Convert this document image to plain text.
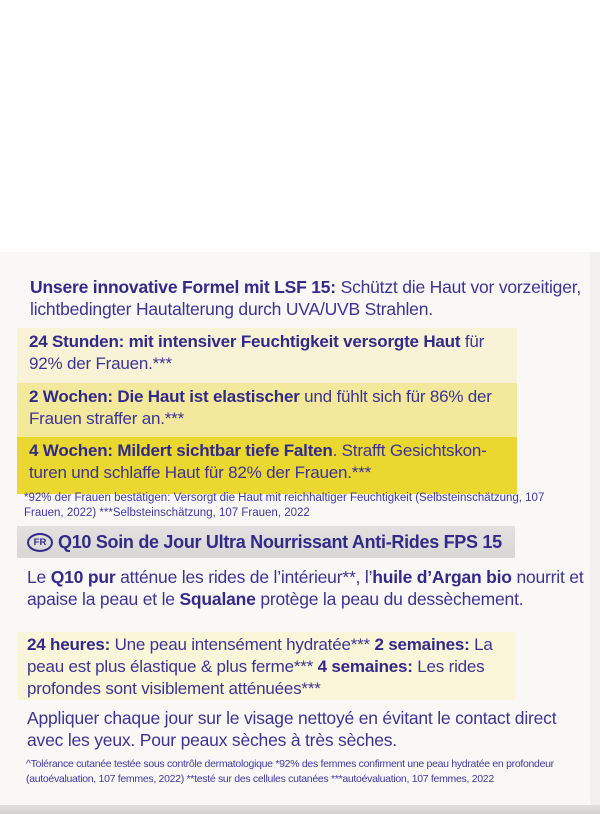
Unsere innovative Formel mit LSF 15: Schützt die Haut vor vorzeitiger, lichtbedingter Hautalterung durch UVA/UVB Strahlen.

24 Stunden: mit intensiver Feuchtigkeit versorgte Haut für 92% der Frauen.***

2 Wochen: Die Haut ist elastischer und fühlt sich für 86% der Frauen straffer an.***

4 Wochen: Mildert sichtbar tiefe Falten. Strafft Gesichtskon-turen und schlaffe Haut für 82% der Frauen.***

*92% der Frauen bestätigen: Versorgt die Haut mit reichhaltiger Feuchtigkeit (Selbsteinschätzung, 107 Frauen, 2022) ***Selbsteinschätzung, 107 Frauen, 2022
FR Q10 Soin de Jour Ultra Nourrissant Anti-Rides FPS 15

Le Q10 pur atténue les rides de l’intérieur**, l’huile d’Argan bio nourrit et apaise la peau et le Squalane protège la peau du dessèchement.

24 heures: Une peau intensément hydratée*** 2 semaines: La peau est plus élastique & plus ferme*** 4 semaines: Les rides profondes sont visiblement atténuées***

Appliquer chaque jour sur le visage nettoyé en évitant le contact direct avec les yeux. Pour peaux sèches à très sèches.
^Tolérance cutanée testée sous contrôle dermatologique *92% des femmes confirment une peau hydratée en profondeur (autoévaluation, 107 femmes, 2022) **testé sur des cellules cutanées ***autoévaluation, 107 femmes, 2022
